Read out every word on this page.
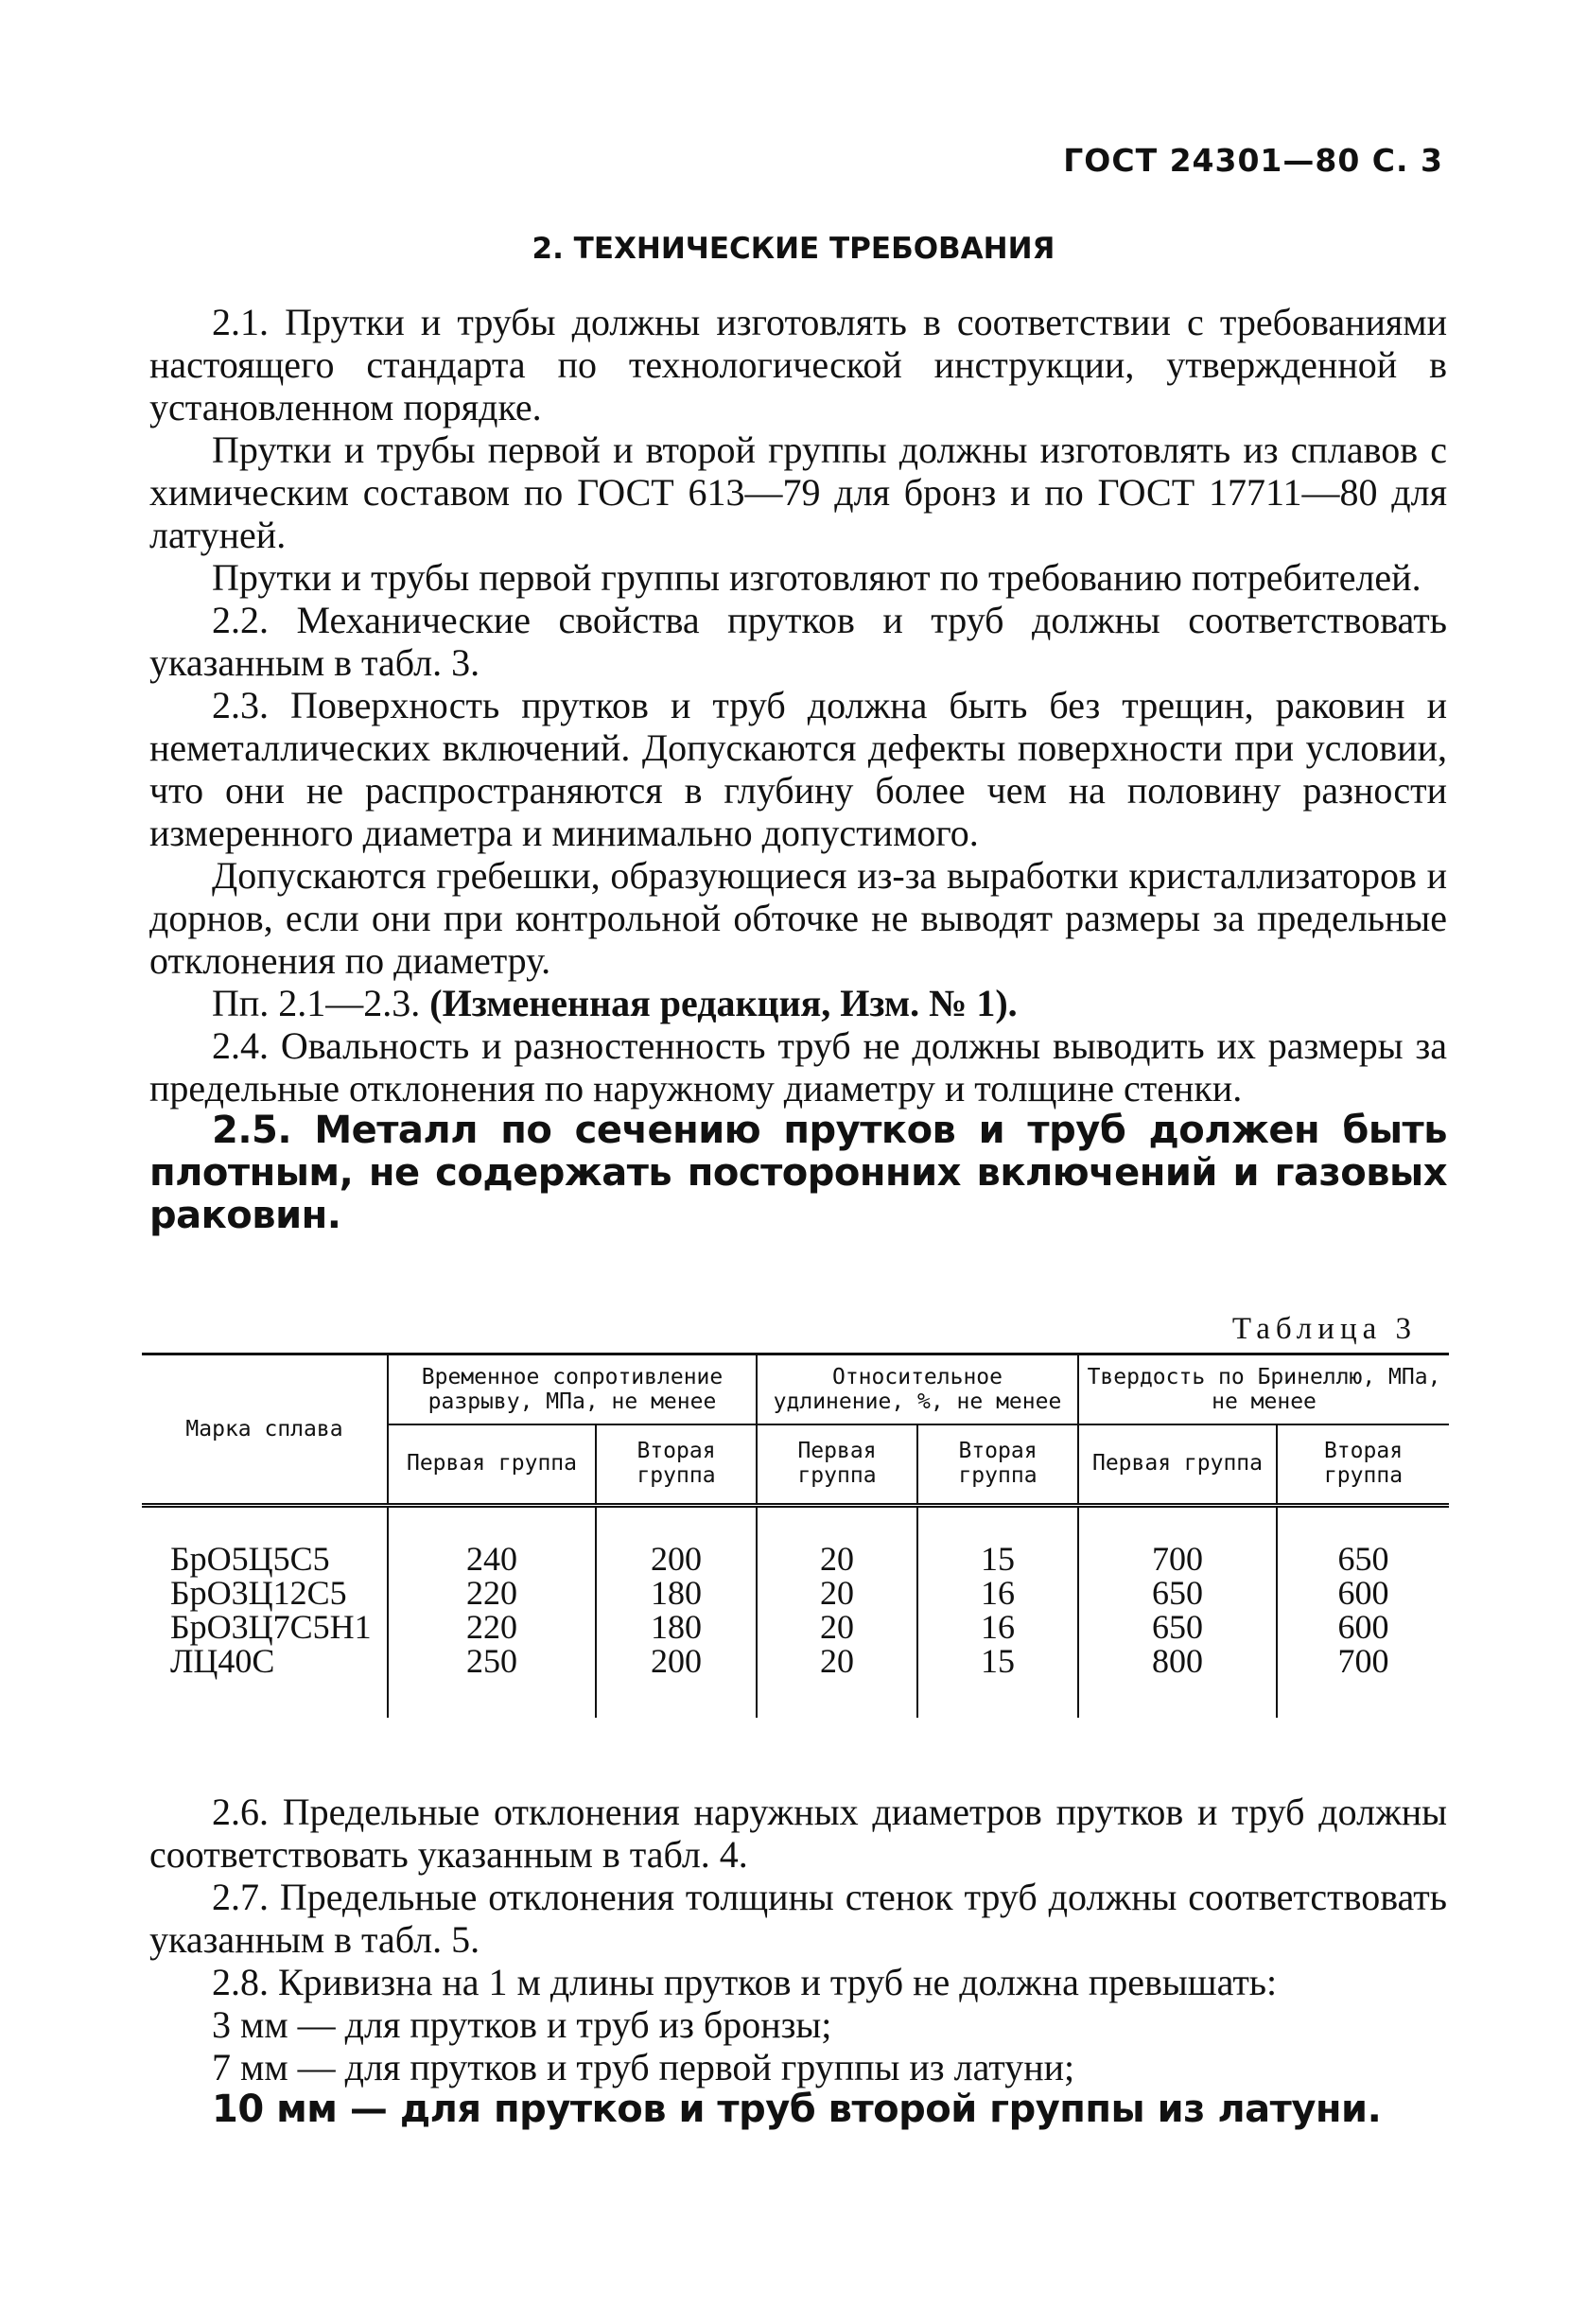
ГОСТ 24301—80 С. 3
2. ТЕХНИЧЕСКИЕ ТРЕБОВАНИЯ

2.1. Прутки и трубы должны изготовлять в соответствии с требованиями настоящего стандарта по технологической инструкции, утвержденной в установленном порядке.

Прутки и трубы первой и второй группы должны изготовлять из сплавов с химическим составом по ГОСТ 613—79 для бронз и по ГОСТ 17711—80 для латуней.

Прутки и трубы первой группы изготовляют по требованию потребителей.

2.2. Механические свойства прутков и труб должны соответствовать указанным в табл. 3.

2.3. Поверхность прутков и труб должна быть без трещин, раковин и неметаллических включений. Допускаются дефекты поверхности при условии, что они не распространяются в глубину более чем на половину разности измеренного диаметра и минимально допустимого.

Допускаются гребешки, образующиеся из-за выработки кристаллизаторов и дорнов, если они при контрольной обточке не выводят размеры за предельные отклонения по диаметру.

Пп. 2.1—2.3. (Измененная редакция, Изм. № 1).

2.4. Овальность и разностенность труб не должны выводить их размеры за предельные отклонения по наружному диаметру и толщине стенки.

2.5. Металл по сечению прутков и труб должен быть плотным, не содержать посторонних включений и газовых раковин.

Таблица 3
Марка сплава	Временное сопротивление разрыву, МПа, не менее		Относительное удлинение, %, не менее		Твердость по Бринеллю, МПа, не менее	
	Первая группа	Вторая группа	Первая группа	Вторая группа	Первая группа	Вторая группа
БрО5Ц5С5	240	200	20	15	700	650
БрО3Ц12С5	220	180	20	16	650	600
БрО3Ц7С5Н1	220	180	20	16	650	600
ЛЦ40С	250	200	20	15	800	700

2.6. Предельные отклонения наружных диаметров прутков и труб должны соответствовать указанным в табл. 4.

2.7. Предельные отклонения толщины стенок труб должны соответствовать указанным в табл. 5.

2.8. Кривизна на 1 м длины прутков и труб не должна превышать:

3 мм — для прутков и труб из бронзы;

7 мм — для прутков и труб первой группы из латуни;

10 мм — для прутков и труб второй группы из латуни.
